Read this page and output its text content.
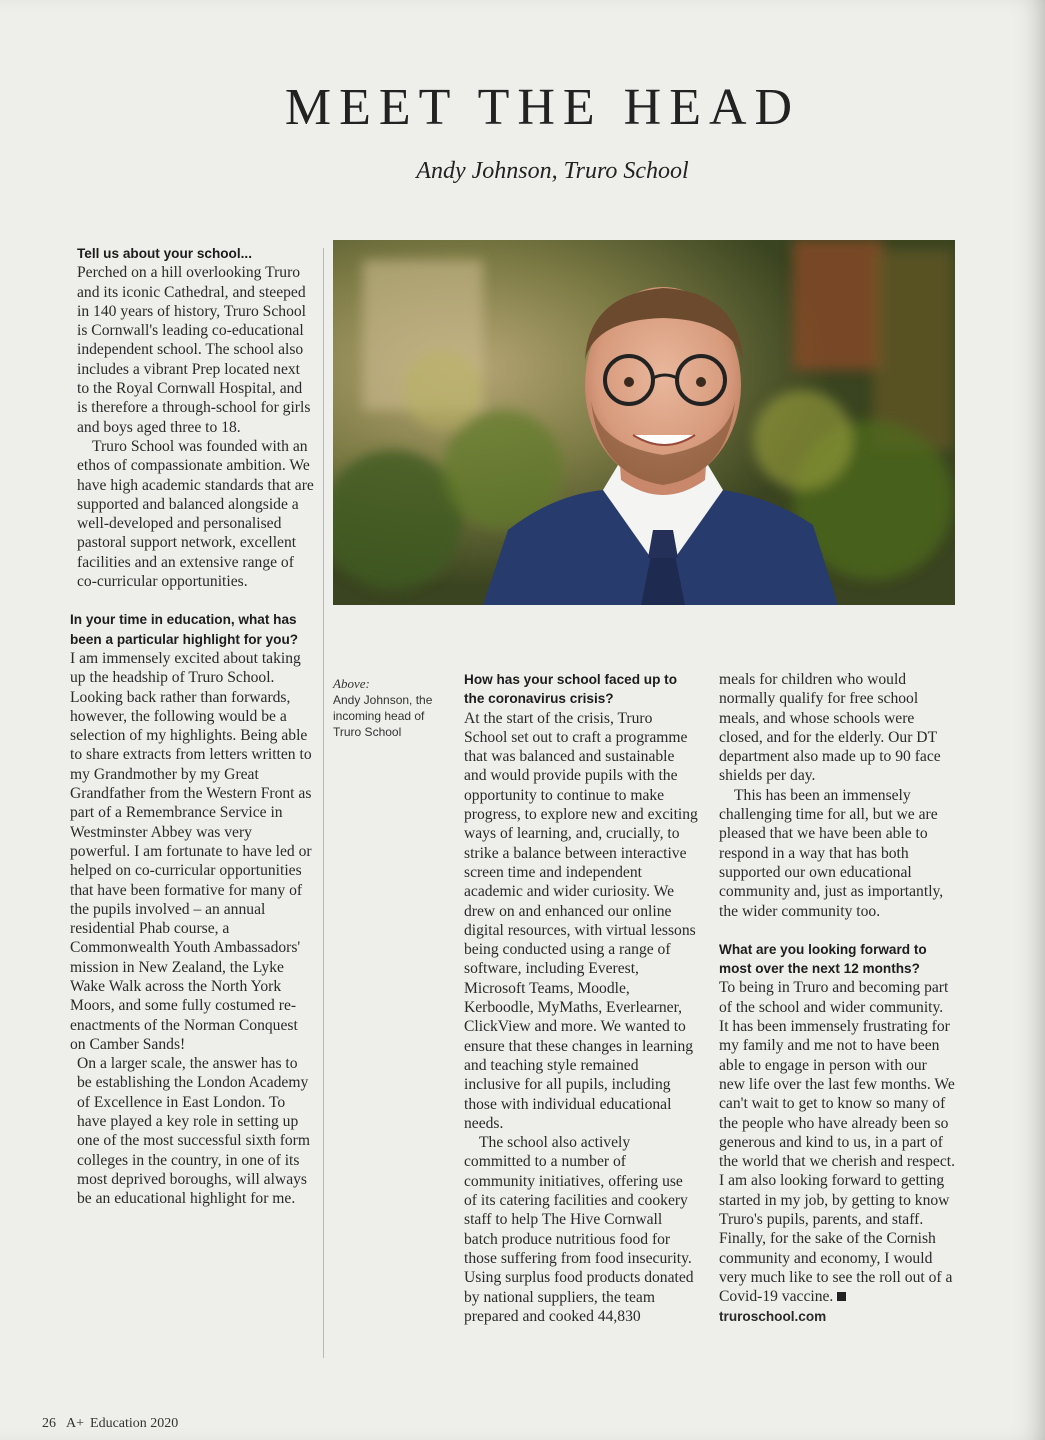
MEET THE HEAD
Andy Johnson, Truro School

Tell us about your school...

Perched on a hill overlooking Truro and its iconic Cathedral, and steeped in 140 years of history, Truro School is Cornwall's leading co-educational independent school. The school also includes a vibrant Prep located next to the Royal Cornwall Hospital, and is therefore a through-school for girls and boys aged three to 18.

Truro School was founded with an ethos of compassionate ambition. We have high academic standards that are supported and balanced alongside a well-developed and personalised pastoral support network, excellent facilities and an extensive range of co-curricular opportunities.

In your time in education, what has been a particular highlight for you?

I am immensely excited about taking up the headship of Truro School. Looking back rather than forwards, however, the following would be a selection of my highlights. Being able to share extracts from letters written to my Grandmother by my Great Grandfather from the Western Front as part of a Remembrance Service in Westminster Abbey was very powerful. I am fortunate to have led or helped on co-curricular opportunities that have been formative for many of the pupils involved – an annual residential Phab course, a Commonwealth Youth Ambassadors' mission in New Zealand, the Lyke Wake Walk across the North York Moors, and some fully costumed re-enactments of the Norman Conquest on Camber Sands!

On a larger scale, the answer has to be establishing the London Academy of Excellence in East London. To have played a key role in setting up one of the most successful sixth form colleges in the country, in one of its most deprived boroughs, will always be an educational highlight for me.

Above:
Andy Johnson, the incoming head of Truro School

How has your school faced up to the coronavirus crisis?

At the start of the crisis, Truro School set out to craft a programme that was balanced and sustainable and would provide pupils with the opportunity to continue to make progress, to explore new and exciting ways of learning, and, crucially, to strike a balance between interactive screen time and independent academic and wider curiosity. We drew on and enhanced our online digital resources, with virtual lessons being conducted using a range of software, including Everest, Microsoft Teams, Moodle, Kerboodle, MyMaths, Everlearner, ClickView and more. We wanted to ensure that these changes in learning and teaching style remained inclusive for all pupils, including those with individual educational needs.

The school also actively committed to a number of community initiatives, offering use of its catering facilities and cookery staff to help The Hive Cornwall batch produce nutritious food for those suffering from food insecurity. Using surplus food products donated by national suppliers, the team prepared and cooked 44,830

meals for children who would normally qualify for free school meals, and whose schools were closed, and for the elderly. Our DT department also made up to 90 face shields per day.

This has been an immensely challenging time for all, but we are pleased that we have been able to respond in a way that has both supported our own educational community and, just as importantly, the wider community too.

What are you looking forward to most over the next 12 months?

To being in Truro and becoming part of the school and wider community. It has been immensely frustrating for my family and me not to have been able to engage in person with our new life over the last few months. We can't wait to get to know so many of the people who have already been so generous and kind to us, in a part of the world that we cherish and respect. I am also looking forward to getting started in my job, by getting to know Truro's pupils, parents, and staff. Finally, for the sake of the Cornish community and economy, I would very much like to see the roll out of a Covid-19 vaccine.

truroschool.com

26 A+ Education 2020
